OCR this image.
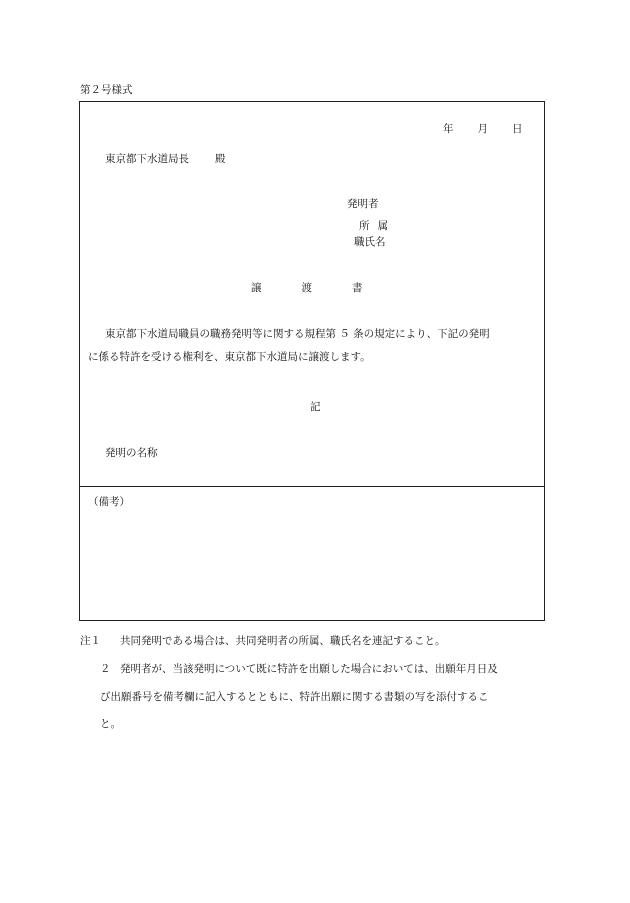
第２号様式
年 月 日
東京都下水道局長 殿
発明者
所属
職氏名
譲	渡	書
東京都下水道局職員の職務発明等に関する規程第 ５ 条の規定により、下記の発明
に係る特許を受ける権利を、東京都下水道局に譲渡します。
記
発明の名称
（備考）
注１ 共同発明である場合は、共同発明者の所属、職氏名を連記すること。
２ 発明者が、当該発明について既に特許を出願した場合においては、出願年月日及
び出願番号を備考欄に記入するとともに、特許出願に関する書類の写を添付するこ
と。
